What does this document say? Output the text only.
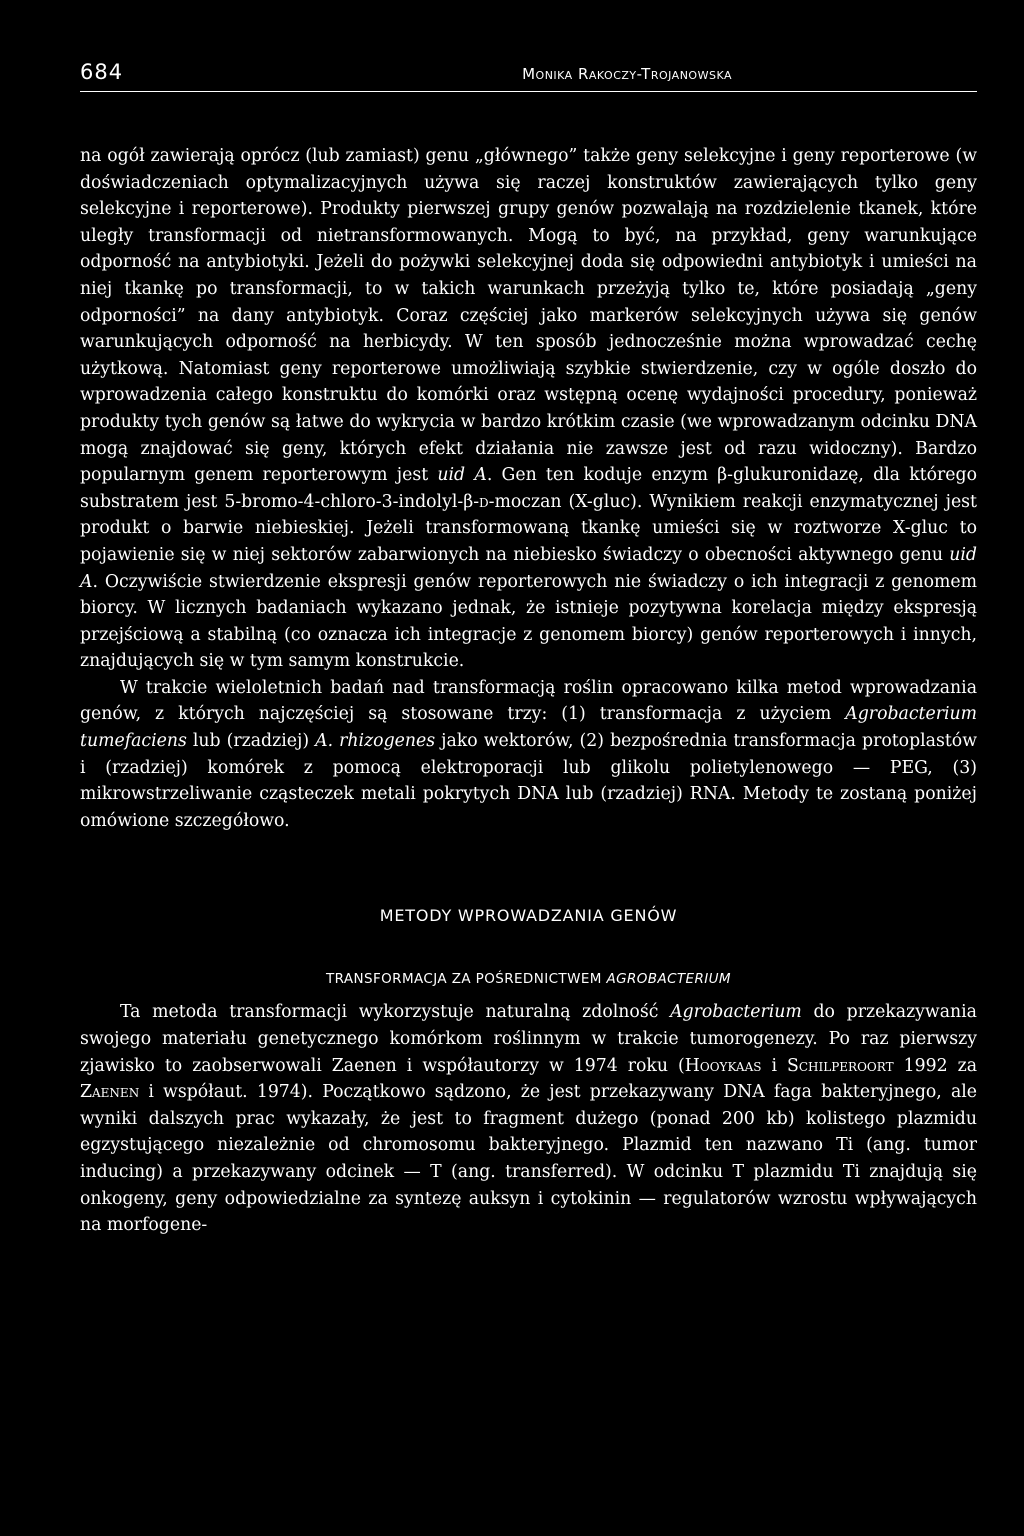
684	Monika Rakoczy-Trojanowska

na ogół zawierają oprócz (lub zamiast) genu „głównego” także geny selekcyjne i geny reporterowe (w doświadczeniach optymalizacyjnych używa się raczej konstruktów zawierających tylko geny selekcyjne i reporterowe). Produkty pierwszej grupy genów pozwalają na rozdzielenie tkanek, które uległy transformacji od nietransformowanych. Mogą to być, na przykład, geny warunkujące odporność na antybiotyki. Jeżeli do pożywki selekcyjnej doda się odpowiedni antybiotyk i umieści na niej tkankę po transformacji, to w takich warunkach przeżyją tylko te, które posiadają „geny odporności” na dany antybiotyk. Coraz częściej jako markerów selekcyjnych używa się genów warunkujących odporność na herbicydy. W ten sposób jednocześnie można wprowadzać cechę użytkową. Natomiast geny reporterowe umożliwiają szybkie stwierdzenie, czy w ogóle doszło do wprowadzenia całego konstruktu do komórki oraz wstępną ocenę wydajności procedury, ponieważ produkty tych genów są łatwe do wykrycia w bardzo krótkim czasie (we wprowadzanym odcinku DNA mogą znajdować się geny, których efekt działania nie zawsze jest od razu widoczny). Bardzo popularnym genem reporterowym jest uid A. Gen ten koduje enzym β-glukuronidazę, dla którego substratem jest 5-bromo-4-chloro-3-indolyl-β-d-moczan (X-gluc). Wynikiem reakcji enzymatycznej jest produkt o barwie niebieskiej. Jeżeli transformowaną tkankę umieści się w roztworze X-gluc to pojawienie się w niej sektorów zabarwionych na niebiesko świadczy o obecności aktywnego genu uid A. Oczywiście stwierdzenie ekspresji genów reporterowych nie świadczy o ich integracji z genomem biorcy. W licznych badaniach wykazano jednak, że istnieje pozytywna korelacja między ekspresją przejściową a stabilną (co oznacza ich integracje z genomem biorcy) genów reporterowych i innych, znajdujących się w tym samym konstrukcie.

W trakcie wieloletnich badań nad transformacją roślin opracowano kilka metod wprowadzania genów, z których najczęściej są stosowane trzy: (1) transformacja z użyciem Agrobacterium tumefaciens lub (rzadziej) A. rhizogenes jako wektorów, (2) bezpośrednia transformacja protoplastów i (rzadziej) komórek z pomocą elektroporacji lub glikolu polietylenowego — PEG, (3) mikrowstrzeliwanie cząsteczek metali pokrytych DNA lub (rzadziej) RNA. Metody te zostaną poniżej omówione szczegółowo.

METODY WPROWADZANIA GENÓW
TRANSFORMACJA ZA POŚREDNICTWEM AGROBACTERIUM

Ta metoda transformacji wykorzystuje naturalną zdolność Agrobacterium do przekazywania swojego materiału genetycznego komórkom roślinnym w trakcie tumorogenezy. Po raz pierwszy zjawisko to zaobserwowali Zaenen i współautorzy w 1974 roku (Hooykaas i Schilperoort 1992 za Zaenen i współaut. 1974). Początkowo sądzono, że jest przekazywany DNA faga bakteryjnego, ale wyniki dalszych prac wykazały, że jest to fragment dużego (ponad 200 kb) kolistego plazmidu egzystującego niezależnie od chromosomu bakteryjnego. Plazmid ten nazwano Ti (ang. tumor inducing) a przekazywany odcinek — T (ang. transferred). W odcinku T plazmidu Ti znajdują się onkogeny, geny odpowiedzialne za syntezę auksyn i cytokinin — regulatorów wzrostu wpływających na morfogene-
